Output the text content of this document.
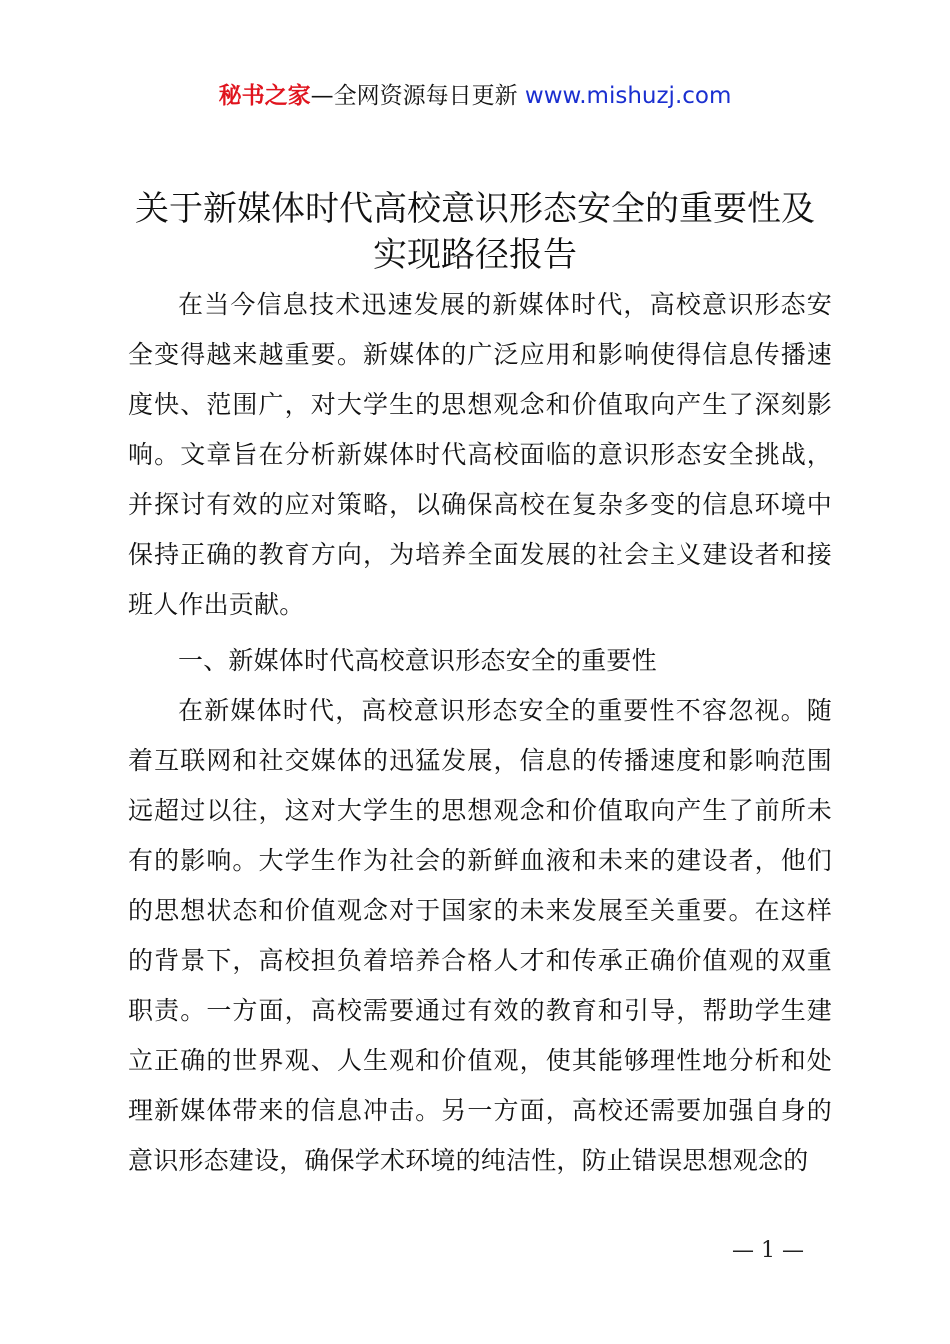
秘书之家—全网资源每日更新 www.mishuzj.com
关于新媒体时代高校意识形态安全的重要性及
实现路径报告

在当今信息技术迅速发展的新媒体时代，高校意识形态安全变得越来越重要。新媒体的广泛应用和影响使得信息传播速度快、范围广，对大学生的思想观念和价值取向产生了深刻影响。文章旨在分析新媒体时代高校面临的意识形态安全挑战，并探讨有效的应对策略，以确保高校在复杂多变的信息环境中保持正确的教育方向，为培养全面发展的社会主义建设者和接班人作出贡献。

一、新媒体时代高校意识形态安全的重要性

在新媒体时代，高校意识形态安全的重要性不容忽视。随着互联网和社交媒体的迅猛发展，信息的传播速度和影响范围远超过以往，这对大学生的思想观念和价值取向产生了前所未有的影响。大学生作为社会的新鲜血液和未来的建设者，他们的思想状态和价值观念对于国家的未来发展至关重要。在这样的背景下，高校担负着培养合格人才和传承正确价值观的双重职责。一方面，高校需要通过有效的教育和引导，帮助学生建立正确的世界观、人生观和价值观，使其能够理性地分析和处理新媒体带来的信息冲击。另一方面，高校还需要加强自身的意识形态建设，确保学术环境的纯洁性，防止错误思想观念的

— 1 —
